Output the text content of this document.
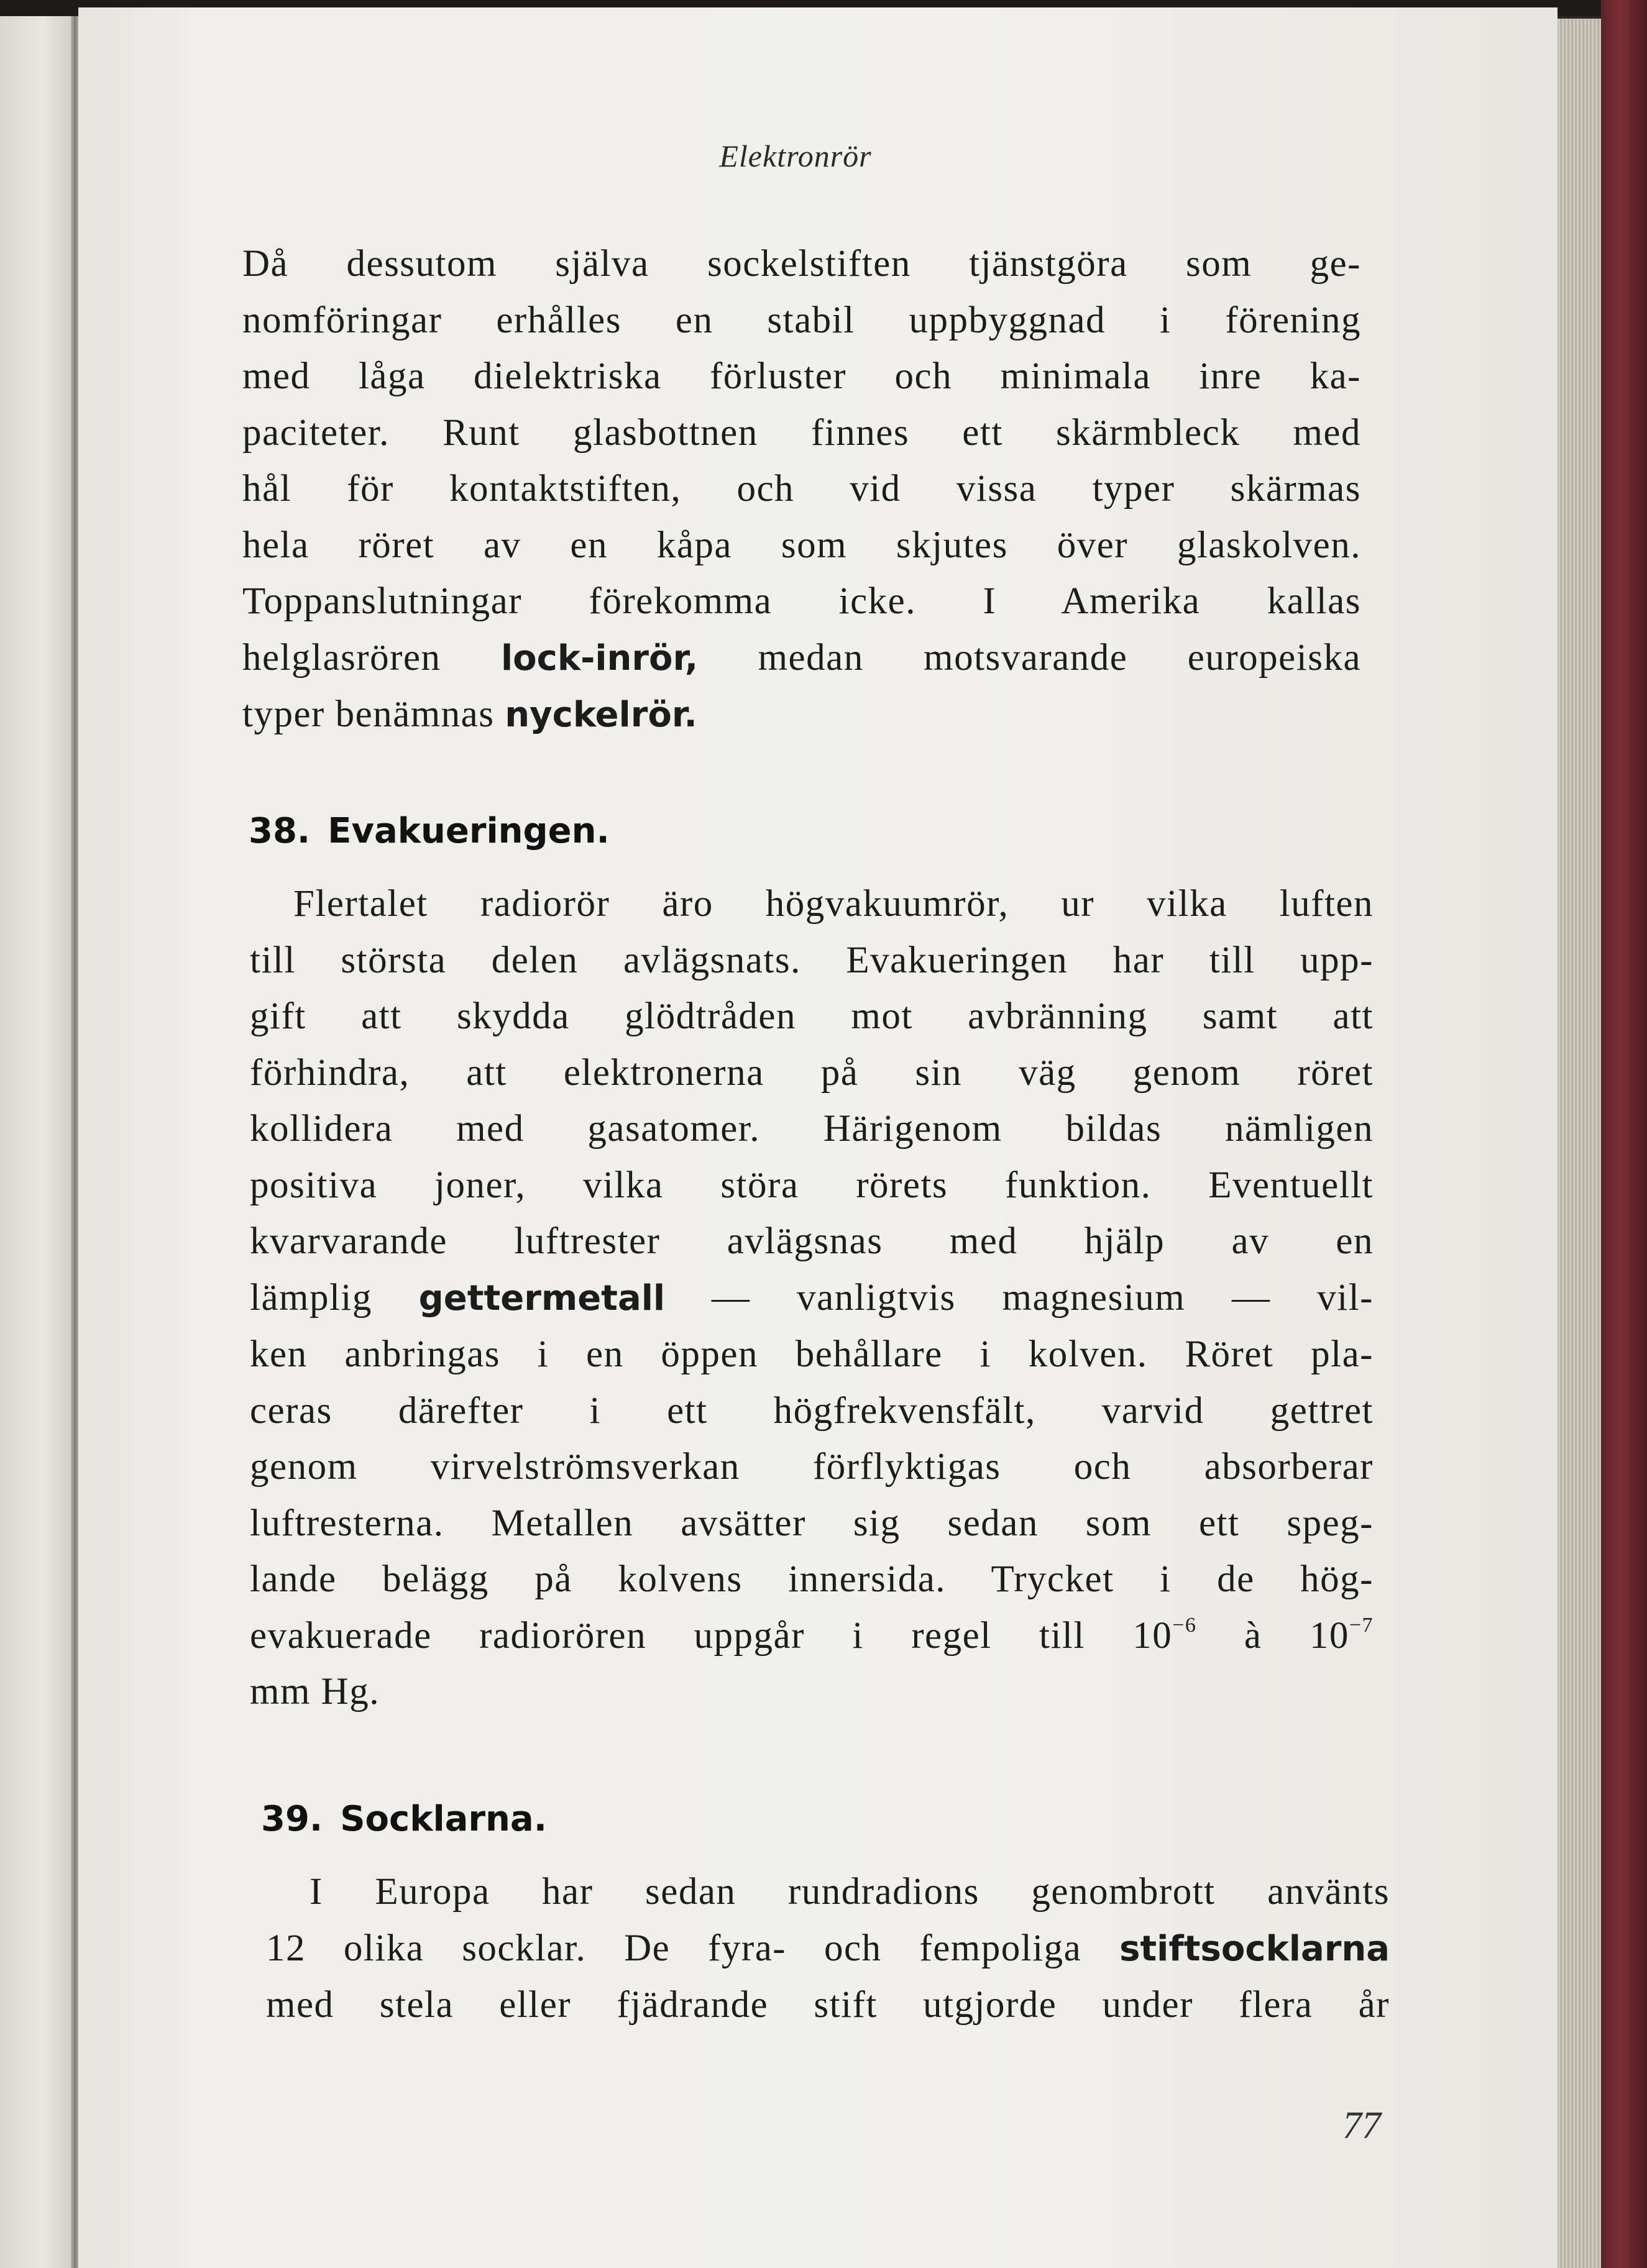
Elektronrör
Då dessutom själva sockelstiften tjänstgöra som ge-
nomföringar erhålles en stabil uppbyggnad i förening
med låga dielektriska förluster och minimala inre ka-
paciteter. Runt glasbottnen finnes ett skärmbleck med
hål för kontaktstiften, och vid vissa typer skärmas
hela röret av en kåpa som skjutes över glaskolven.
Toppanslutningar förekomma icke. I Amerika kallas
helglasrören lock-inrör, medan motsvarande europeiska
typer benämnas nyckelrör.
38. Evakueringen.
Flertalet radiorör äro högvakuumrör, ur vilka luften
till största delen avlägsnats. Evakueringen har till upp-
gift att skydda glödtråden mot avbränning samt att
förhindra, att elektronerna på sin väg genom röret
kollidera med gasatomer. Härigenom bildas nämligen
positiva joner, vilka störa rörets funktion. Eventuellt
kvarvarande luftrester avlägsnas med hjälp av en
lämplig gettermetall — vanligtvis magnesium — vil-
ken anbringas i en öppen behållare i kolven. Röret pla-
ceras därefter i ett högfrekvensfält, varvid gettret
genom virvelströmsverkan förflyktigas och absorberar
luftresterna. Metallen avsätter sig sedan som ett speg-
lande belägg på kolvens innersida. Trycket i de hög-
evakuerade radiorören uppgår i regel till $10^{-6}$ à $10^{-7}$
mm Hg.
39. Socklarna.
I Europa har sedan rundradions genombrott använts
12 olika socklar. De fyra- och fempoliga stiftsocklarna
med stela eller fjädrande stift utgjorde under flera år
77
